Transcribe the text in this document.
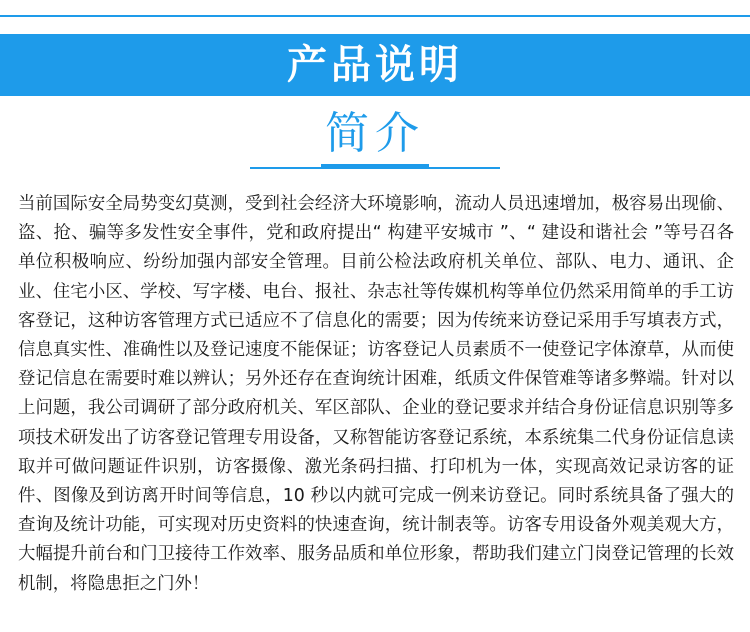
产品说明
简介

当前国际安全局势变幻莫测，受到社会经济大环境影响，流动人员迅速增加，极容易出现偷、盗、抢、骗等多发性安全事件，党和政府提出“ 构建平安城市 ”、“ 建设和谐社会 ”等号召各单位积极响应、纷纷加强内部安全管理。目前公检法政府机关单位、部队、电力、通讯、企业、住宅小区、学校、写字楼、电台、报社、杂志社等传媒机构等单位仍然采用简单的手工访客登记，这种访客管理方式已适应不了信息化的需要；因为传统来访登记采用手写填表方式，信息真实性、准确性以及登记速度不能保证；访客登记人员素质不一使登记字体潦草，从而使登记信息在需要时难以辨认；另外还存在查询统计困难，纸质文件保管难等诸多弊端。针对以上问题，我公司调研了部分政府机关、军区部队、企业的登记要求并结合身份证信息识别等多项技术研发出了访客登记管理专用设备，又称智能访客登记系统，本系统集二代身份证信息读取并可做问题证件识别，访客摄像、激光条码扫描、打印机为一体，实现高效记录访客的证件、图像及到访离开时间等信息，10 秒以内就可完成一例来访登记。同时系统具备了强大的查询及统计功能，可实现对历史资料的快速查询，统计制表等。访客专用设备外观美观大方，大幅提升前台和门卫接待工作效率、服务品质和单位形象，帮助我们建立门岗登记管理的长效机制，将隐患拒之门外！
